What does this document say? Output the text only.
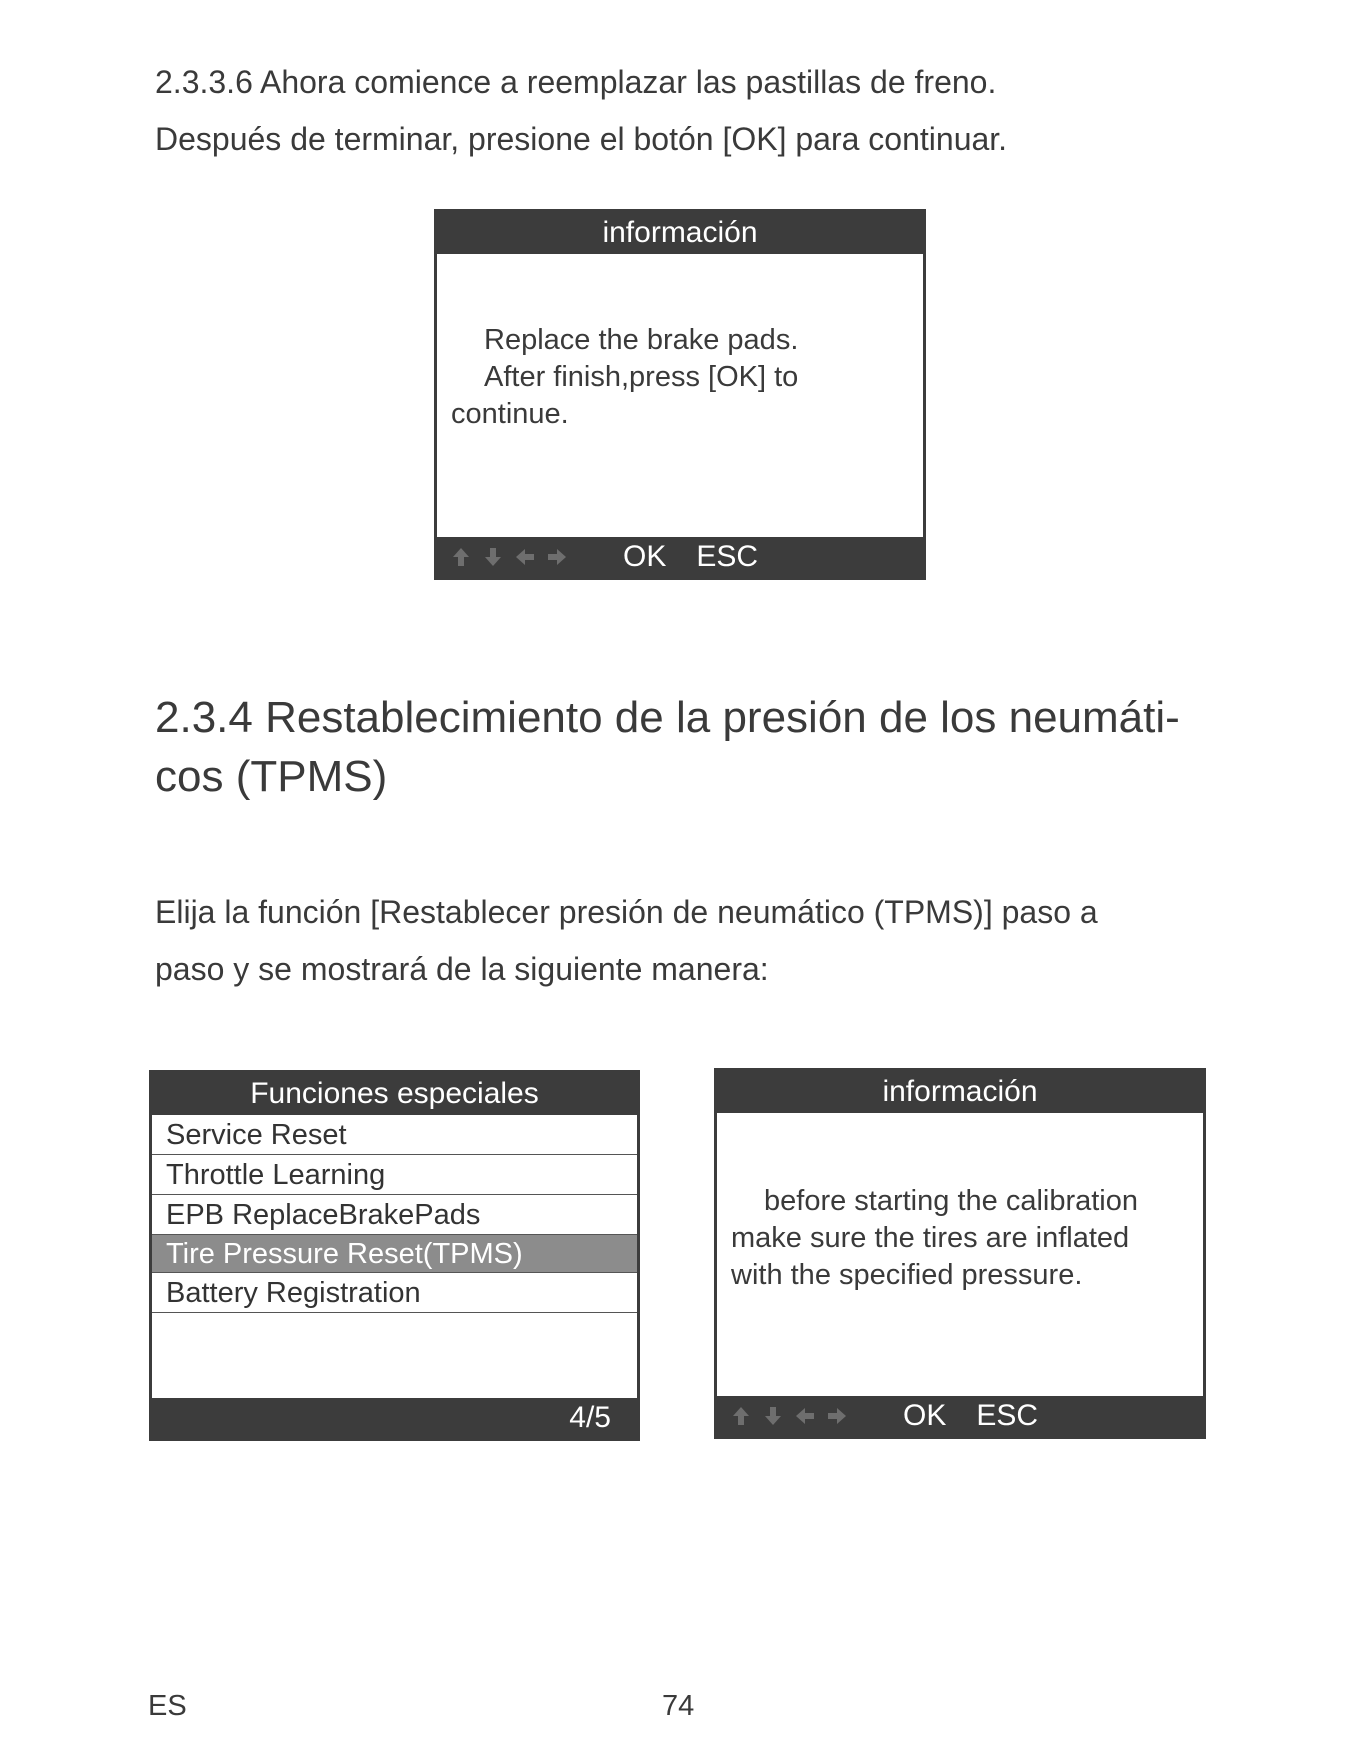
2.3.3.6 Ahora comience a reemplazar las pastillas de freno.
Después de terminar, presione el botón [OK] para continuar.

información

Replace the brake pads.
After finish,press [OK] to
continue.

OK ESC
2.3.4 Restablecimiento de la presión de los neumáti-
cos (TPMS)

Elija la función [Restablecer presión de neumático (TPMS)] paso a
paso y se mostrará de la siguiente manera:

Funciones especiales
Service Reset
Throttle Learning
EPB ReplaceBrakePads
Tire Pressure Reset(TPMS)
Battery Registration
4/5
información

before starting the calibration
make sure the tires are inflated
with the specified pressure.

OK ESC
ES	74
